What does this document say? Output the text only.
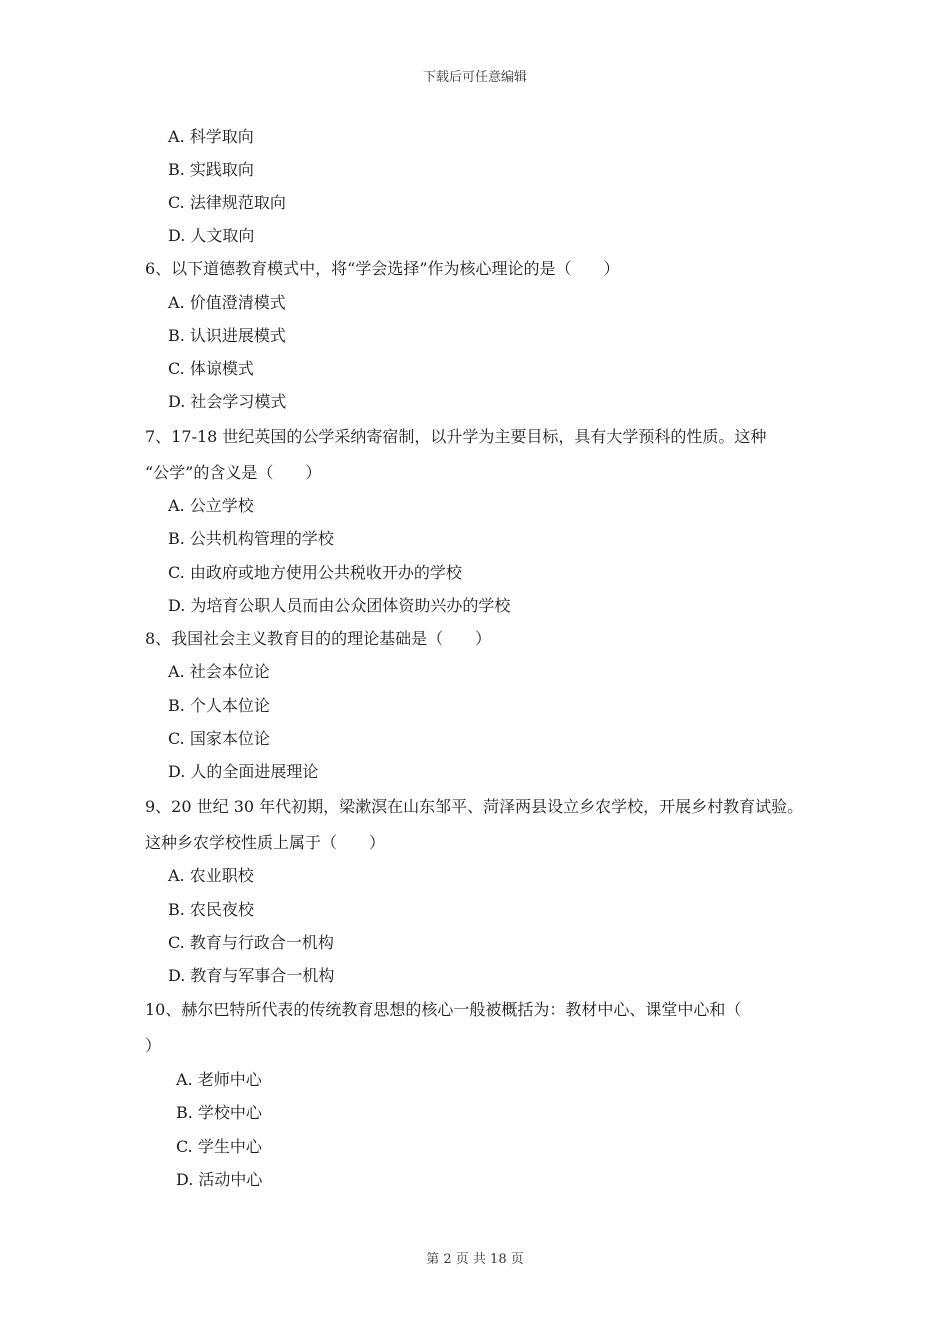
下载后可任意编辑
A. 科学取向
B. 实践取向
C. 法律规范取向
D. 人文取向
6、以下道德教育模式中，将“学会选择”作为核心理论的是（　　）
A. 价值澄清模式
B. 认识进展模式
C. 体谅模式
D. 社会学习模式
7、17-18 世纪英国的公学采纳寄宿制，以升学为主要目标，具有大学预科的性质。这种
“公学”的含义是（　　）
A. 公立学校
B. 公共机构管理的学校
C. 由政府或地方使用公共税收开办的学校
D. 为培育公职人员而由公众团体资助兴办的学校
8、我国社会主义教育目的的理论基础是（　　）
A. 社会本位论
B. 个人本位论
C. 国家本位论
D. 人的全面进展理论
9、20 世纪 30 年代初期，梁漱溟在山东邹平、菏泽两县设立乡农学校，开展乡村教育试验。
这种乡农学校性质上属于（　　）
A. 农业职校
B. 农民夜校
C. 教育与行政合一机构
D. 教育与军事合一机构
10、赫尔巴特所代表的传统教育思想的核心一般被概括为：教材中心、课堂中心和（
）
A. 老师中心
B. 学校中心
C. 学生中心
D. 活动中心
第 2 页 共 18 页
